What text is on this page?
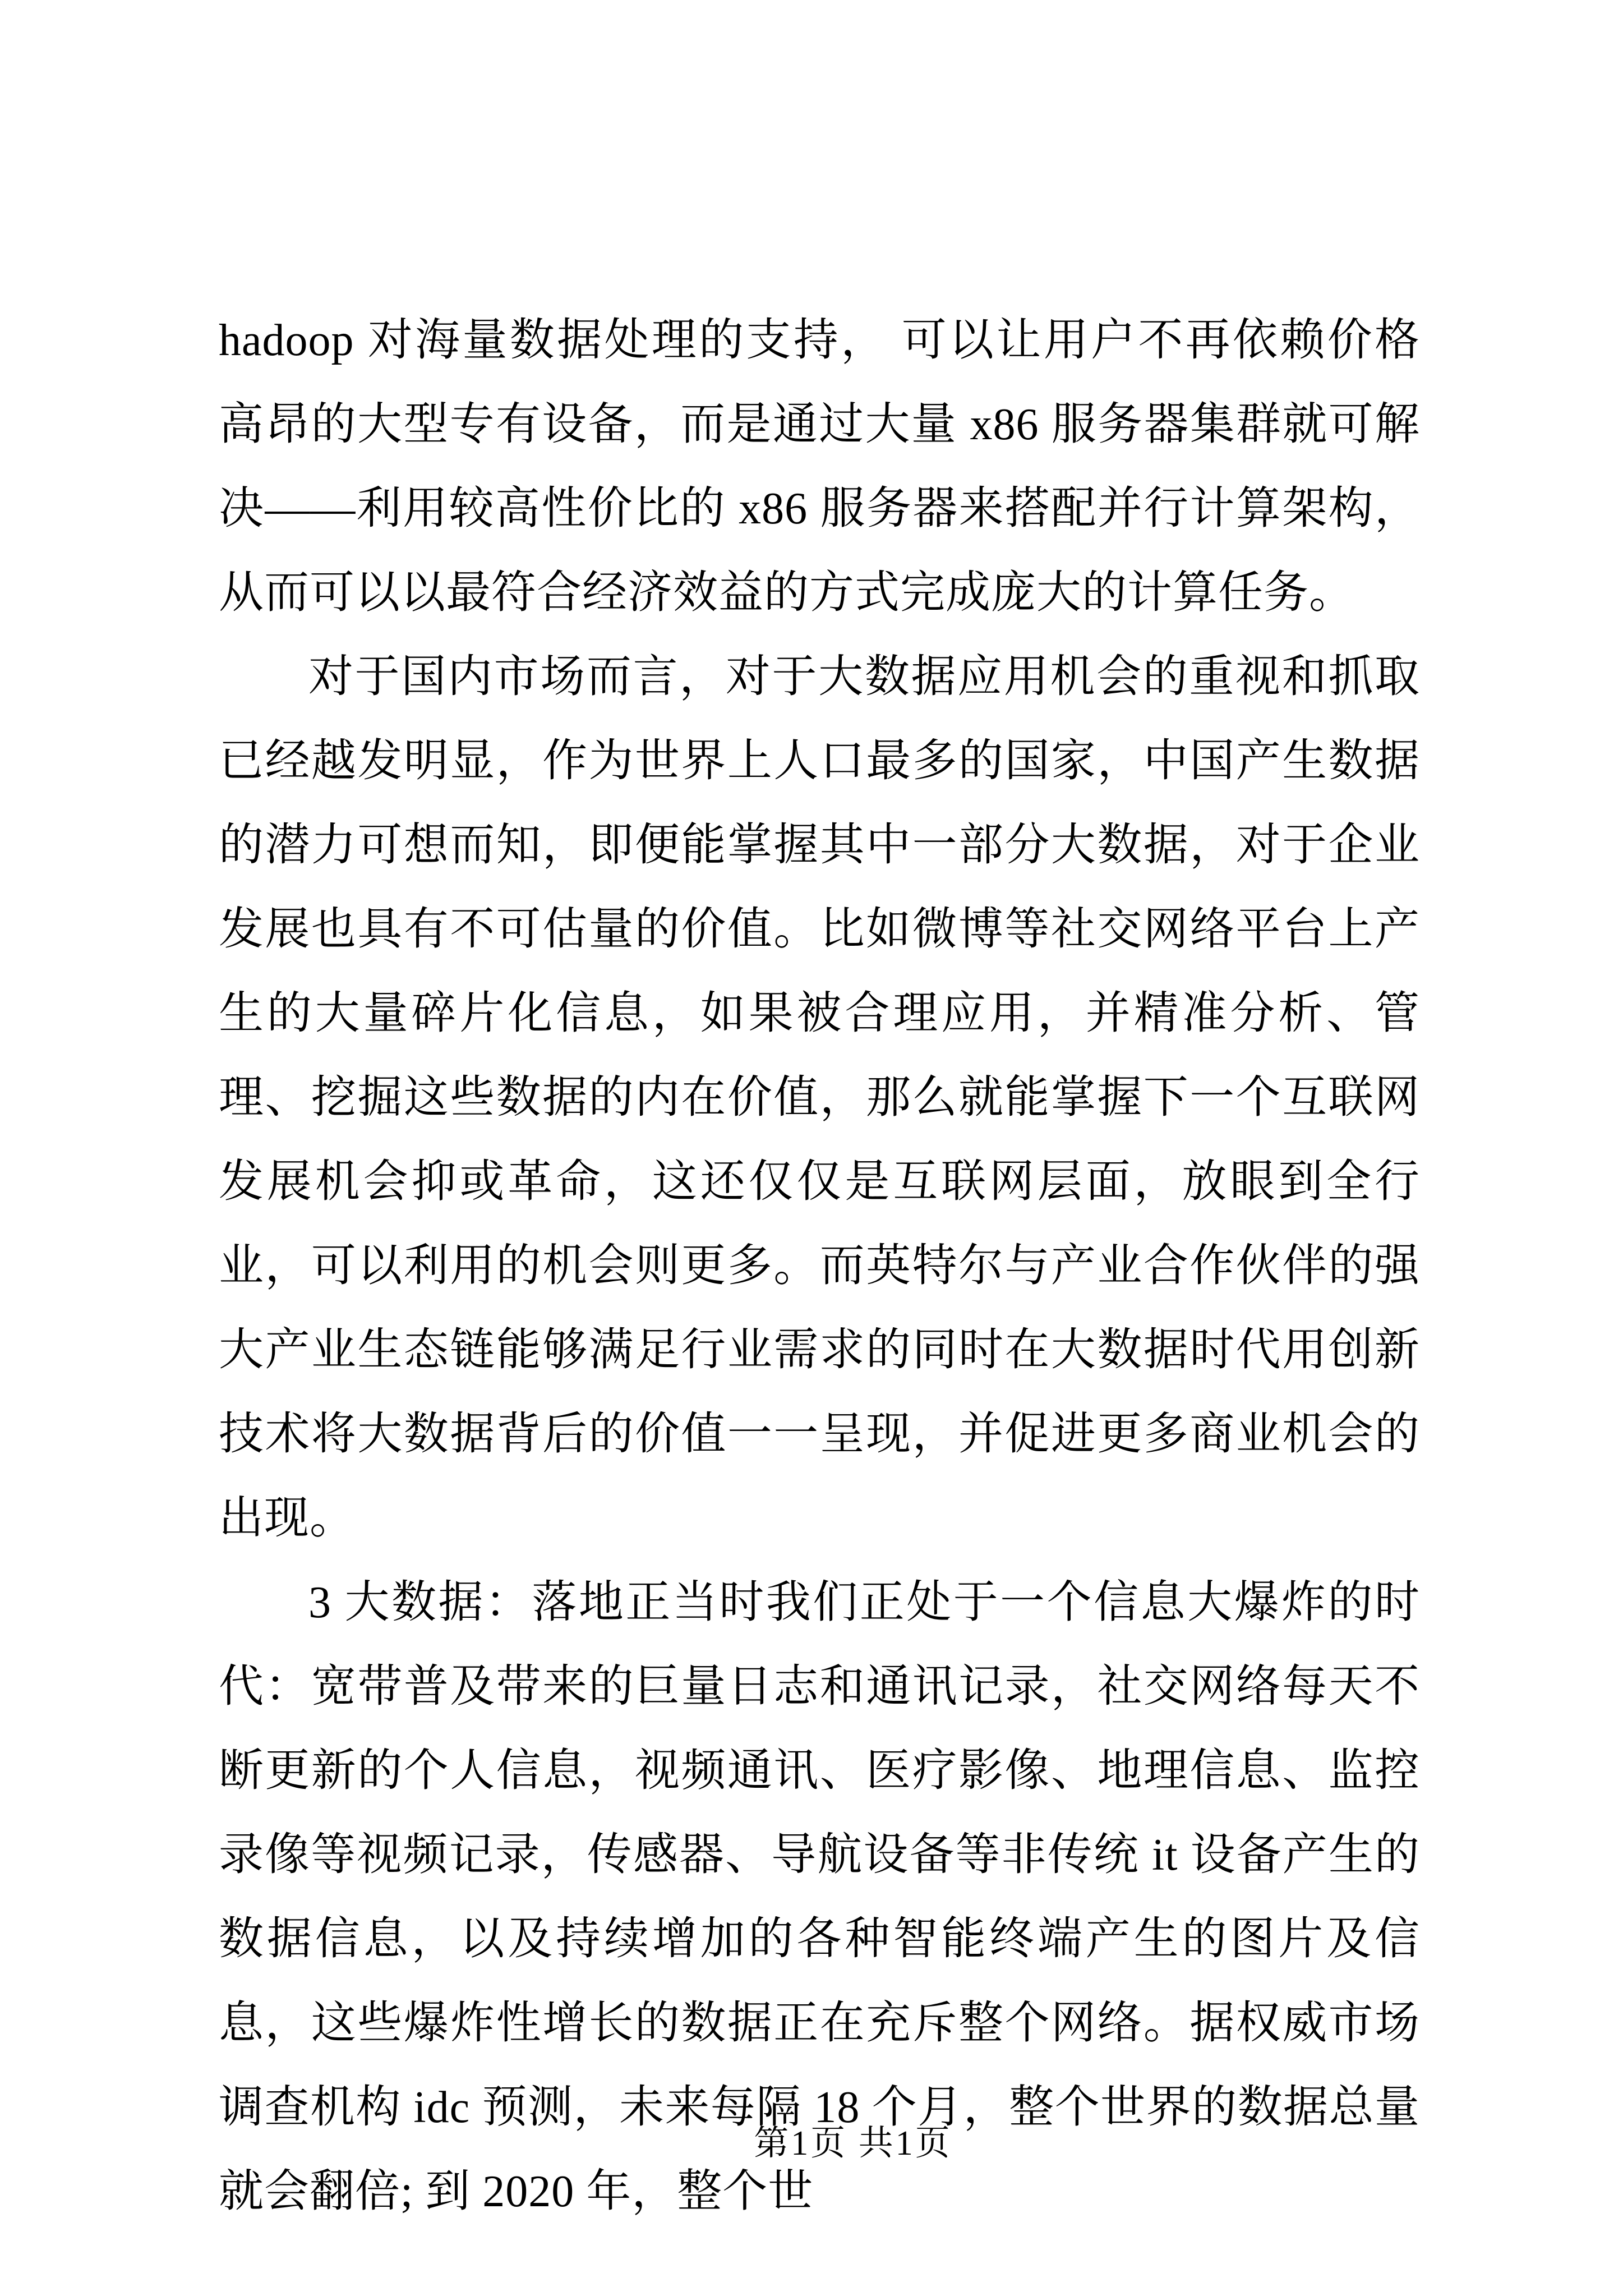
hadoop 对海量数据处理的支持， 可以让用户不再依赖价格高昂的大型专有设备，而是通过大量 x86 服务器集群就可解决——利用较高性价比的 x86 服务器来搭配并行计算架构，从而可以以最符合经济效益的方式完成庞大的计算任务。

对于国内市场而言，对于大数据应用机会的重视和抓取已经越发明显，作为世界上人口最多的国家，中国产生数据的潜力可想而知，即便能掌握其中一部分大数据，对于企业发展也具有不可估量的价值。比如微博等社交网络平台上产生的大量碎片化信息，如果被合理应用，并精准分析、管理、挖掘这些数据的内在价值，那么就能掌握下一个互联网发展机会抑或革命，这还仅仅是互联网层面，放眼到全行业，可以利用的机会则更多。而英特尔与产业合作伙伴的强大产业生态链能够满足行业需求的同时在大数据时代用创新技术将大数据背后的价值一一呈现，并促进更多商业机会的出现。

3 大数据：落地正当时我们正处于一个信息大爆炸的时代：宽带普及带来的巨量日志和通讯记录，社交网络每天不断更新的个人信息，视频通讯、医疗影像、地理信息、监控录像等视频记录，传感器、导航设备等非传统 it 设备产生的数据信息，以及持续增加的各种智能终端产生的图片及信息，这些爆炸性增长的数据正在充斥整个网络。据权威市场调查机构 idc 预测，未来每隔 18 个月，整个世界的数据总量就会翻倍; 到 2020 年，整个世

第1页 共1页
